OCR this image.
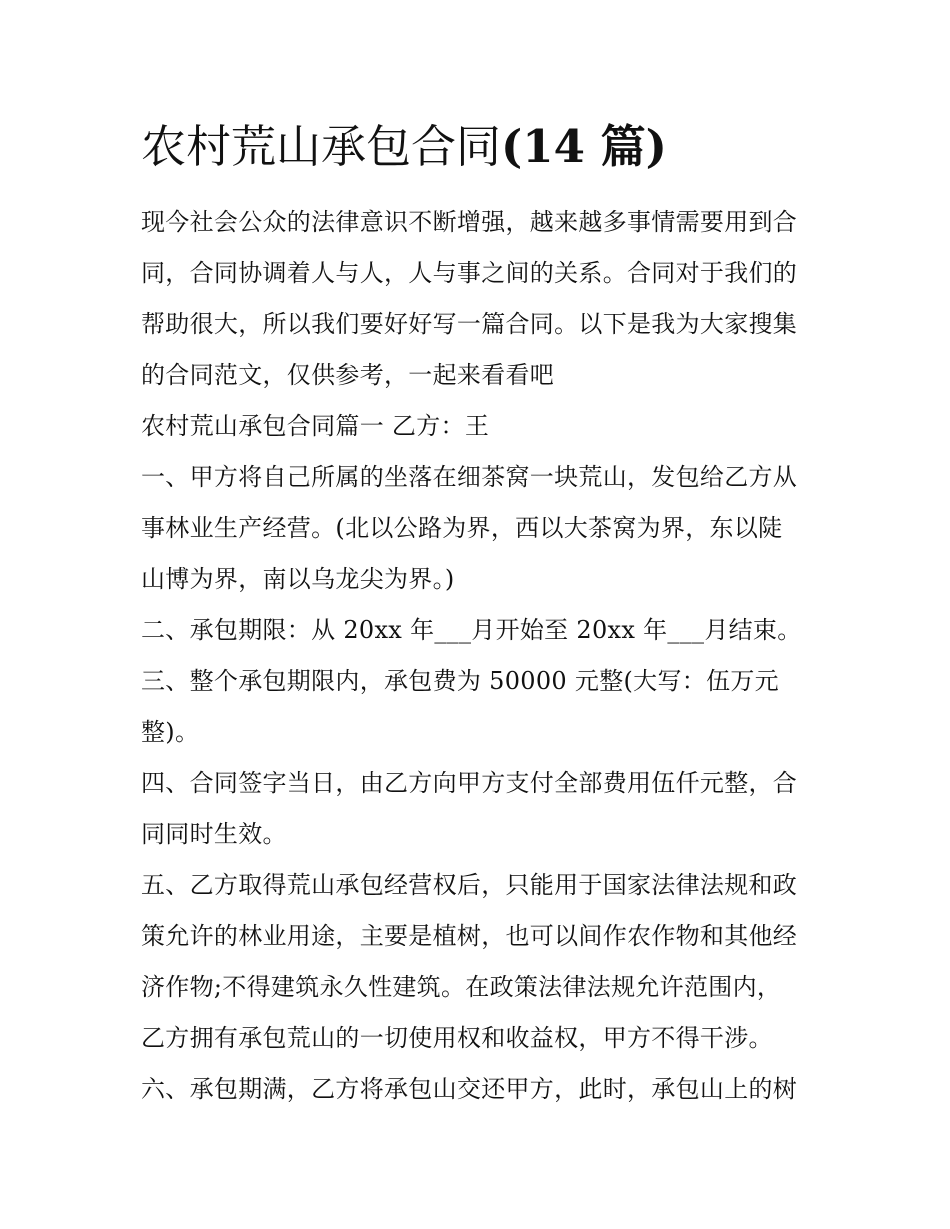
农村荒山承包合同(14 篇)
现今社会公众的法律意识不断增强，越来越多事情需要用到合
同，合同协调着人与人，人与事之间的关系。合同对于我们的
帮助很大，所以我们要好好写一篇合同。以下是我为大家搜集
的合同范文，仅供参考，一起来看看吧
农村荒山承包合同篇一 乙方：王
一、甲方将自己所属的坐落在细茶窝一块荒山，发包给乙方从
事林业生产经营。(北以公路为界，西以大茶窝为界，东以陡
山博为界，南以乌龙尖为界。)
二、承包期限：从 20xx 年___月开始至 20xx 年___月结束。
三、整个承包期限内，承包费为 50000 元整(大写：伍万元
整)。
四、合同签字当日，由乙方向甲方支付全部费用伍仟元整，合
同同时生效。
五、乙方取得荒山承包经营权后，只能用于国家法律法规和政
策允许的林业用途，主要是植树，也可以间作农作物和其他经
济作物;不得建筑永久性建筑。在政策法律法规允许范围内，
乙方拥有承包荒山的一切使用权和收益权，甲方不得干涉。
六、承包期满，乙方将承包山交还甲方，此时，承包山上的树
